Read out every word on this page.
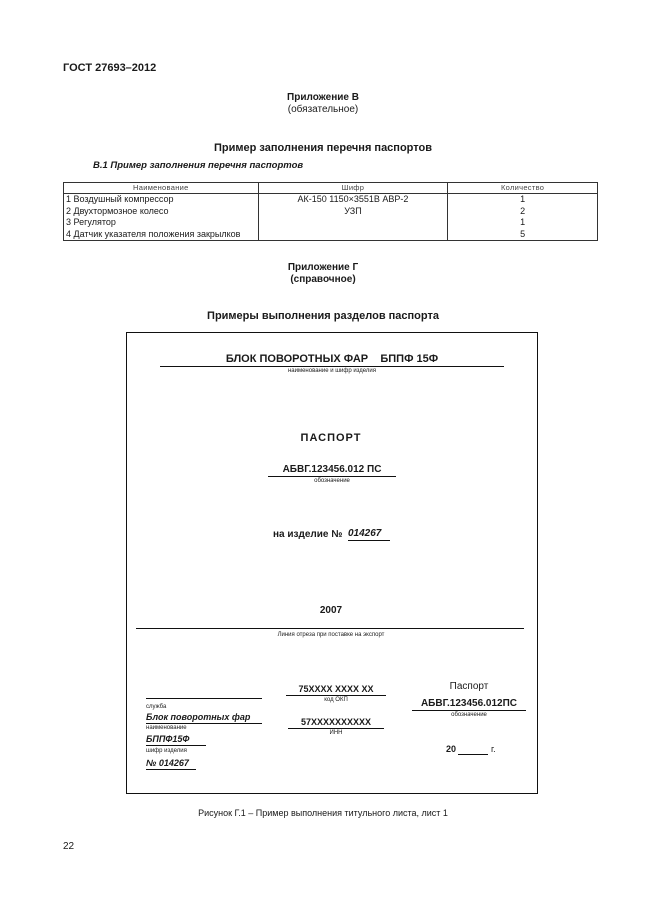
ГОСТ 27693–2012
Приложение В
(обязательное)
Пример заполнения перечня паспортов
В.1 Пример заполнения перечня паспортов
Наименование	Шифр	Количество
1 Воздушный компрессор	АК-150 1150×3551В АВР-2	1
2 Двухтормозное колесо	УЗП	2
3 Регулятор		1
4 Датчик указателя положения закрылков		5
Приложение Г
(справочное)
Примеры выполнения разделов паспорта
БЛОК ПОВОРОТНЫХ ФАР    БППФ 15Ф
наименование и шифр изделия
ПАСПОРТ
АБВГ.123456.012 ПС
обозначение
на изделие № 014267
2007
Линия отреза при поставке на экспорт
75ХХХХ ХХХХ ХХ
код ОКП
57ХХХХХХХХХХ
ИНН
служба
Блок поворотных фар
наименование
БППФ15Ф
шифр изделия
№ 014267
Паспорт
АБВГ.123456.012ПС
обозначение
20	г.
Рисунок Г.1 – Пример выполнения титульного листа, лист 1
22
